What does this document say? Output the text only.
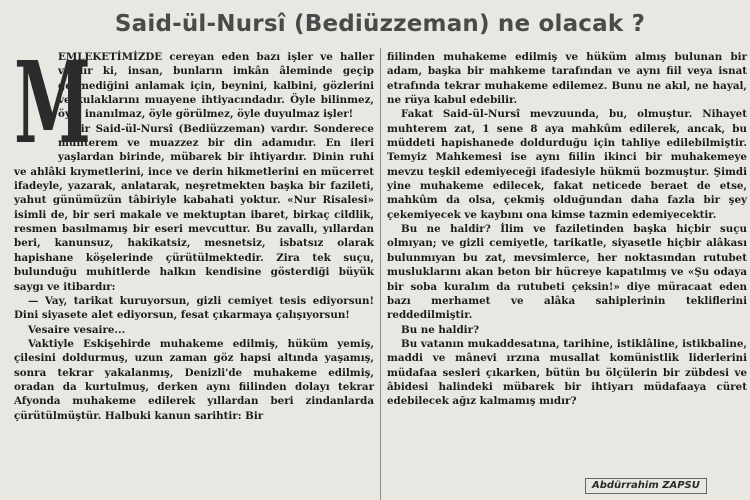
Said-ül-Nursî (Bediüzzeman) ne olacak ?
M

EMLEKETİMİZDE cereyan eden bazı işler ve haller vardır ki, insan, bunların imkân âleminde geçip geçmediğini anlamak için, beynini, kalbini, gözlerini ve kulaklarını muayene ihtiyacındadır. Öyle bilinmez, öyle inanılmaz, öyle görülmez, öyle duyulmaz işler!

Bir Said-ül-Nursî (Bediüzzeman) vardır. Sonderece muhterem ve muazzez bir din adamıdır. En ileri yaşlardan birinde, mübarek bir ihtiyardır. Dinin ruhi ve ahlâki kıymetlerini, ince ve derin hikmetlerini en mücerret ifadeyle, yazarak, anlatarak, neşretmekten başka bir fazileti, yahut günümüzün tâbiriyle kabahati yoktur. «Nur Risalesi» isimli de, bir seri makale ve mektuptan ibaret, birkaç cildlik, resmen basılmamış bir eseri mevcuttur. Bu zavallı, yıllardan beri, kanunsuz, hakikatsiz, mesnetsiz, isbatsız olarak hapishane köşelerinde çürütülmektedir. Zira tek suçu, bulunduğu muhitlerde halkın kendisine gösterdiği büyük saygı ve itibardır:

— Vay, tarikat kuruyorsun, gizli cemiyet tesis ediyorsun! Dini siyasete alet ediyorsun, fesat çıkarmaya çalışıyorsun!

Vesaire vesaire...

Vaktiyle Eskişehirde muhakeme edilmiş, hüküm yemiş, çilesini doldurmuş, uzun zaman göz hapsi altında yaşamış, sonra tekrar yakalanmış, Denizli'de muhakeme edilmiş, oradan da kurtulmuş, derken aynı fiilinden dolayı tekrar Afyonda muhakeme edilerek yıllardan beri zindanlarda çürütülmüştür. Halbuki kanun sarihtir: Bir

fiilinden muhakeme edilmiş ve hüküm almış bulunan bir adam, başka bir mahkeme tarafından ve aynı fiil veya isnat etrafında tekrar muhakeme edilemez. Bunu ne akıl, ne hayal, ne rüya kabul edebilir.

Fakat Said-ül-Nursî mevzuunda, bu, olmuştur. Nihayet muhterem zat, 1 sene 8 aya mahkûm edilerek, ancak, bu müddeti hapishanede doldurduğu için tahliye edilebilmiştir. Temyiz Mahkemesi ise aynı fiilin ikinci bir muhakemeye mevzu teşkil edemiyeceği ifadesiyle hükmü bozmuştur. Şimdi yine muhakeme edilecek, fakat neticede beraet de etse, mahkûm da olsa, çekmiş olduğundan daha fazla bir şey çekemiyecek ve kaybını ona kimse tazmin edemiyecektir.

Bu ne haldir? İlim ve faziletinden başka hiçbir suçu olmıyan; ve gizli cemiyetle, tarikatle, siyasetle hiçbir alâkası bulunmıyan bu zat, mevsimlerce, her noktasından rutubet musluklarını akan beton bir hücreye kapatılmış ve «Şu odaya bir soba kuralım da rutubeti çeksin!» diye müracaat eden bazı merhamet ve alâka sahiplerinin tekliflerini reddedilmiştir.

Bu ne haldir?

Bu vatanın mukaddesatına, tarihine, istiklâline, istikbaline, maddi ve mânevi ırzına musallat komünistlik liderlerini müdafaa sesleri çıkarken, bütün bu ölçülerin bir zübdesi ve âbidesi halindeki mübarek bir ihtiyarı müdafaaya cüret edebilecek ağız kalmamış mıdır?

Abdürrahim ZAPSU
